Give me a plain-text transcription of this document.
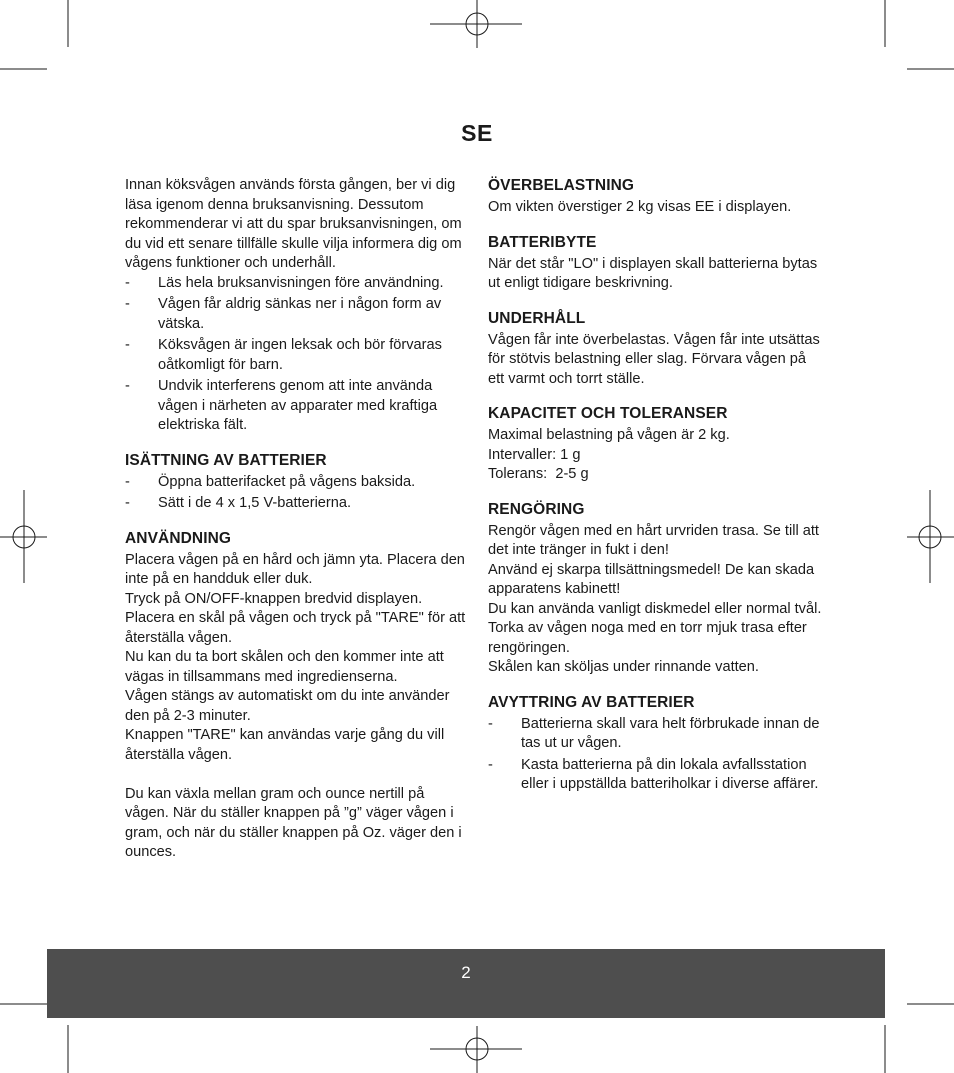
SE

Innan köksvågen används första gången, ber vi dig läsa igenom denna bruksanvisning. Dessutom rekommenderar vi att du spar bruksanvisningen, om du vid ett senare tillfälle skulle vilja informera dig om vågens funktioner och underhåll.

- Läs hela bruksanvisningen före användning.
- Vågen får aldrig sänkas ner i någon form av vätska.
- Köksvågen är ingen leksak och bör förvaras oåtkomligt för barn.
- Undvik interferens genom att inte använda vågen i närheten av apparater med kraftiga elektriska fält.
ISÄTTNING AV BATTERIER
- Öppna batterifacket på vågens baksida.
- Sätt i de 4 x 1,5 V-batterierna.
ANVÄNDNING

Placera vågen på en hård och jämn yta. Placera den inte på en handduk eller duk.

Tryck på ON/OFF-knappen bredvid displayen.

Placera en skål på vågen och tryck på "TARE" för att återställa vågen.

Nu kan du ta bort skålen och den kommer inte att vägas in tillsammans med ingredienserna.

Vågen stängs av automatiskt om du inte använder den på 2-3 minuter.

Knappen "TARE" kan användas varje gång du vill återställa vågen.

Du kan växla mellan gram och ounce nertill på vågen. När du ställer knappen på ”g” väger vågen i gram, och när du ställer knappen på Oz. väger den i ounces.

ÖVERBELASTNING

Om vikten överstiger 2 kg visas EE i displayen.

BATTERIBYTE

När det står "LO" i displayen skall batterierna bytas ut enligt tidigare beskrivning.

UNDERHÅLL

Vågen får inte överbelastas. Vågen får inte utsättas för stötvis belastning eller slag. Förvara vågen på ett varmt och torrt ställe.

KAPACITET OCH TOLERANSER

Maximal belastning på vågen är 2 kg.

Intervaller: 1 g

Tolerans:  2-5 g

RENGÖRING

Rengör vågen med en hårt urvriden trasa. Se till att det inte tränger in fukt i den!

Använd ej skarpa tillsättningsmedel! De kan skada apparatens kabinett!

Du kan använda vanligt diskmedel eller normal tvål.

Torka av vågen noga med en torr mjuk trasa efter rengöringen.

Skålen kan sköljas under rinnande vatten.

AVYTTRING AV BATTERIER
- Batterierna skall vara helt förbrukade innan de tas ut ur vågen.
- Kasta batterierna på din lokala avfallsstation eller i uppställda batteriholkar i diverse affärer.
2
